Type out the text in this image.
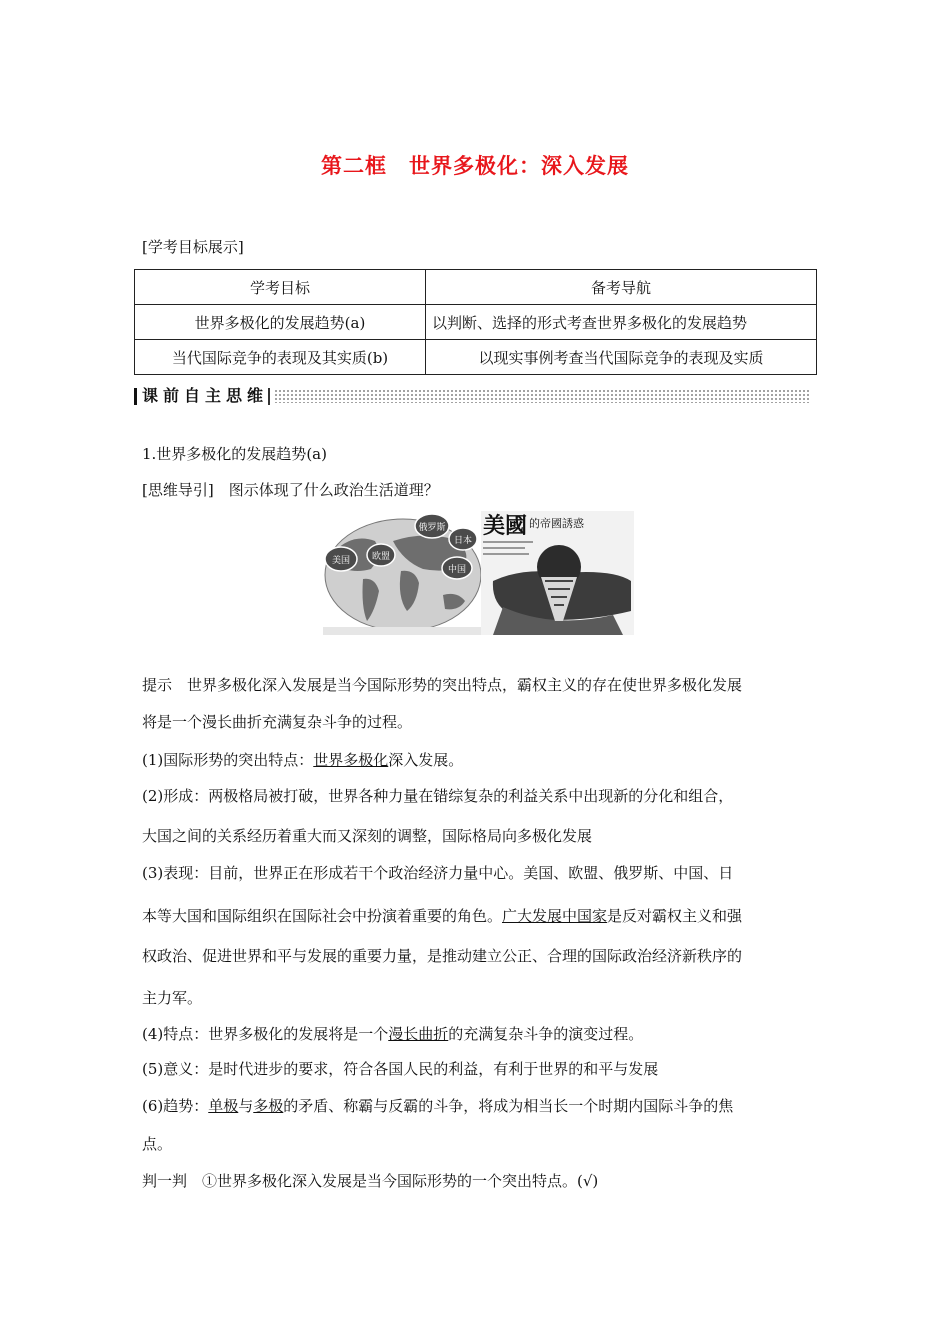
第二框　世界多极化：深入发展
[学考目标展示]
学考目标	备考导航
世界多极化的发展趋势(a)	以判断、选择的形式考查世界多极化的发展趋势
当代国际竞争的表现及其实质(b)	以现实事例考查当代国际竞争的表现及实质
课前自主思维
1.世界多极化的发展趋势(a)
[思维导引]　图示体现了什么政治生活道理？
美国 欧盟
俄罗斯
日本
中国
美國 的帝國誘惑
提示　世界多极化深入发展是当今国际形势的突出特点，霸权主义的存在使世界多极化发展
将是一个漫长曲折充满复杂斗争的过程。
(1)国际形势的突出特点：世界多极化深入发展。
(2)形成：两极格局被打破，世界各种力量在错综复杂的利益关系中出现新的分化和组合，
大国之间的关系经历着重大而又深刻的调整，国际格局向多极化发展
(3)表现：目前，世界正在形成若干个政治经济力量中心。美国、欧盟、俄罗斯、中国、日
本等大国和国际组织在国际社会中扮演着重要的角色。广大发展中国家是反对霸权主义和强
权政治、促进世界和平与发展的重要力量，是推动建立公正、合理的国际政治经济新秩序的
主力军。
(4)特点：世界多极化的发展将是一个漫长曲折的充满复杂斗争的演变过程。
(5)意义：是时代进步的要求，符合各国人民的利益，有利于世界的和平与发展
(6)趋势：单极与多极的矛盾、称霸与反霸的斗争，将成为相当长一个时期内国际斗争的焦
点。
判一判　①世界多极化深入发展是当今国际形势的一个突出特点。(√)
